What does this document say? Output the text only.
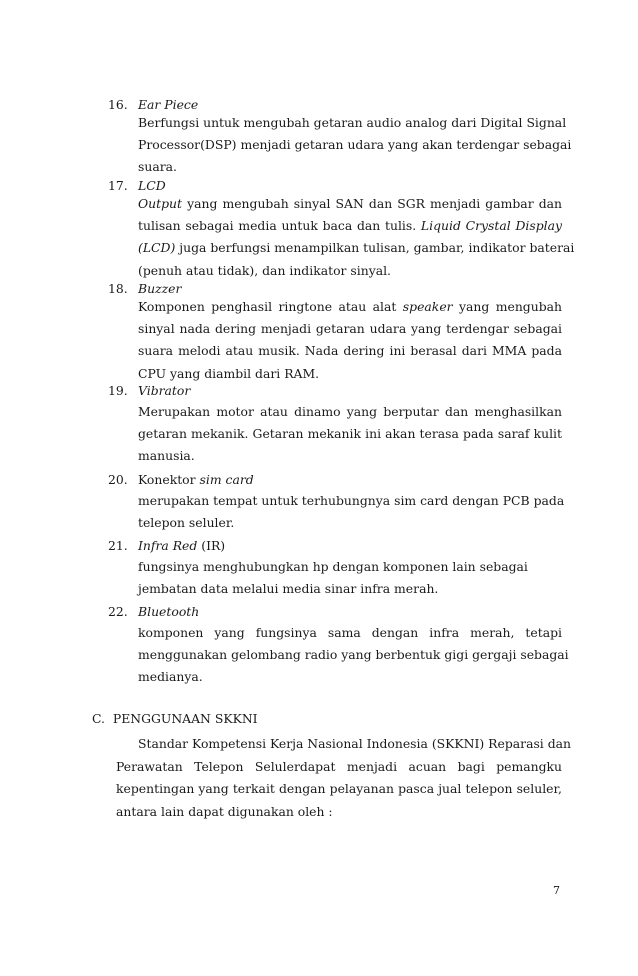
16. Ear Piece
Berfungsi untuk mengubah getaran audio analog dari Digital Signal
Processor(DSP) menjadi getaran udara yang akan terdengar sebagai
suara.
17. LCD
Output yang mengubah sinyal SAN dan SGR menjadi gambar dan
tulisan sebagai media untuk baca dan tulis. Liquid Crystal Display
(LCD) juga berfungsi menampilkan tulisan, gambar, indikator baterai
(penuh atau tidak), dan indikator sinyal.
18. Buzzer
Komponen penghasil ringtone atau alat speaker yang mengubah
sinyal nada dering menjadi getaran udara yang terdengar sebagai
suara melodi atau musik. Nada dering ini berasal dari MMA pada
CPU yang diambil dari RAM.
19. Vibrator
Merupakan motor atau dinamo yang berputar dan menghasilkan
getaran mekanik. Getaran mekanik ini akan terasa pada saraf kulit
manusia.
20. Konektor sim card
merupakan tempat untuk terhubungnya sim card dengan PCB pada
telepon seluler.
21. Infra Red (IR)
fungsinya menghubungkan hp dengan komponen lain sebagai
jembatan data melalui media sinar infra merah.
22. Bluetooth
komponen yang fungsinya sama dengan infra merah, tetapi
menggunakan gelombang radio yang berbentuk gigi gergaji sebagai
medianya.
C.  PENGGUNAAN SKKNI
Standar Kompetensi Kerja Nasional Indonesia (SKKNI) Reparasi dan
Perawatan Telepon Selulerdapat menjadi acuan bagi pemangku
kepentingan yang terkait dengan pelayanan pasca jual telepon seluler,
antara lain dapat digunakan oleh :
7
